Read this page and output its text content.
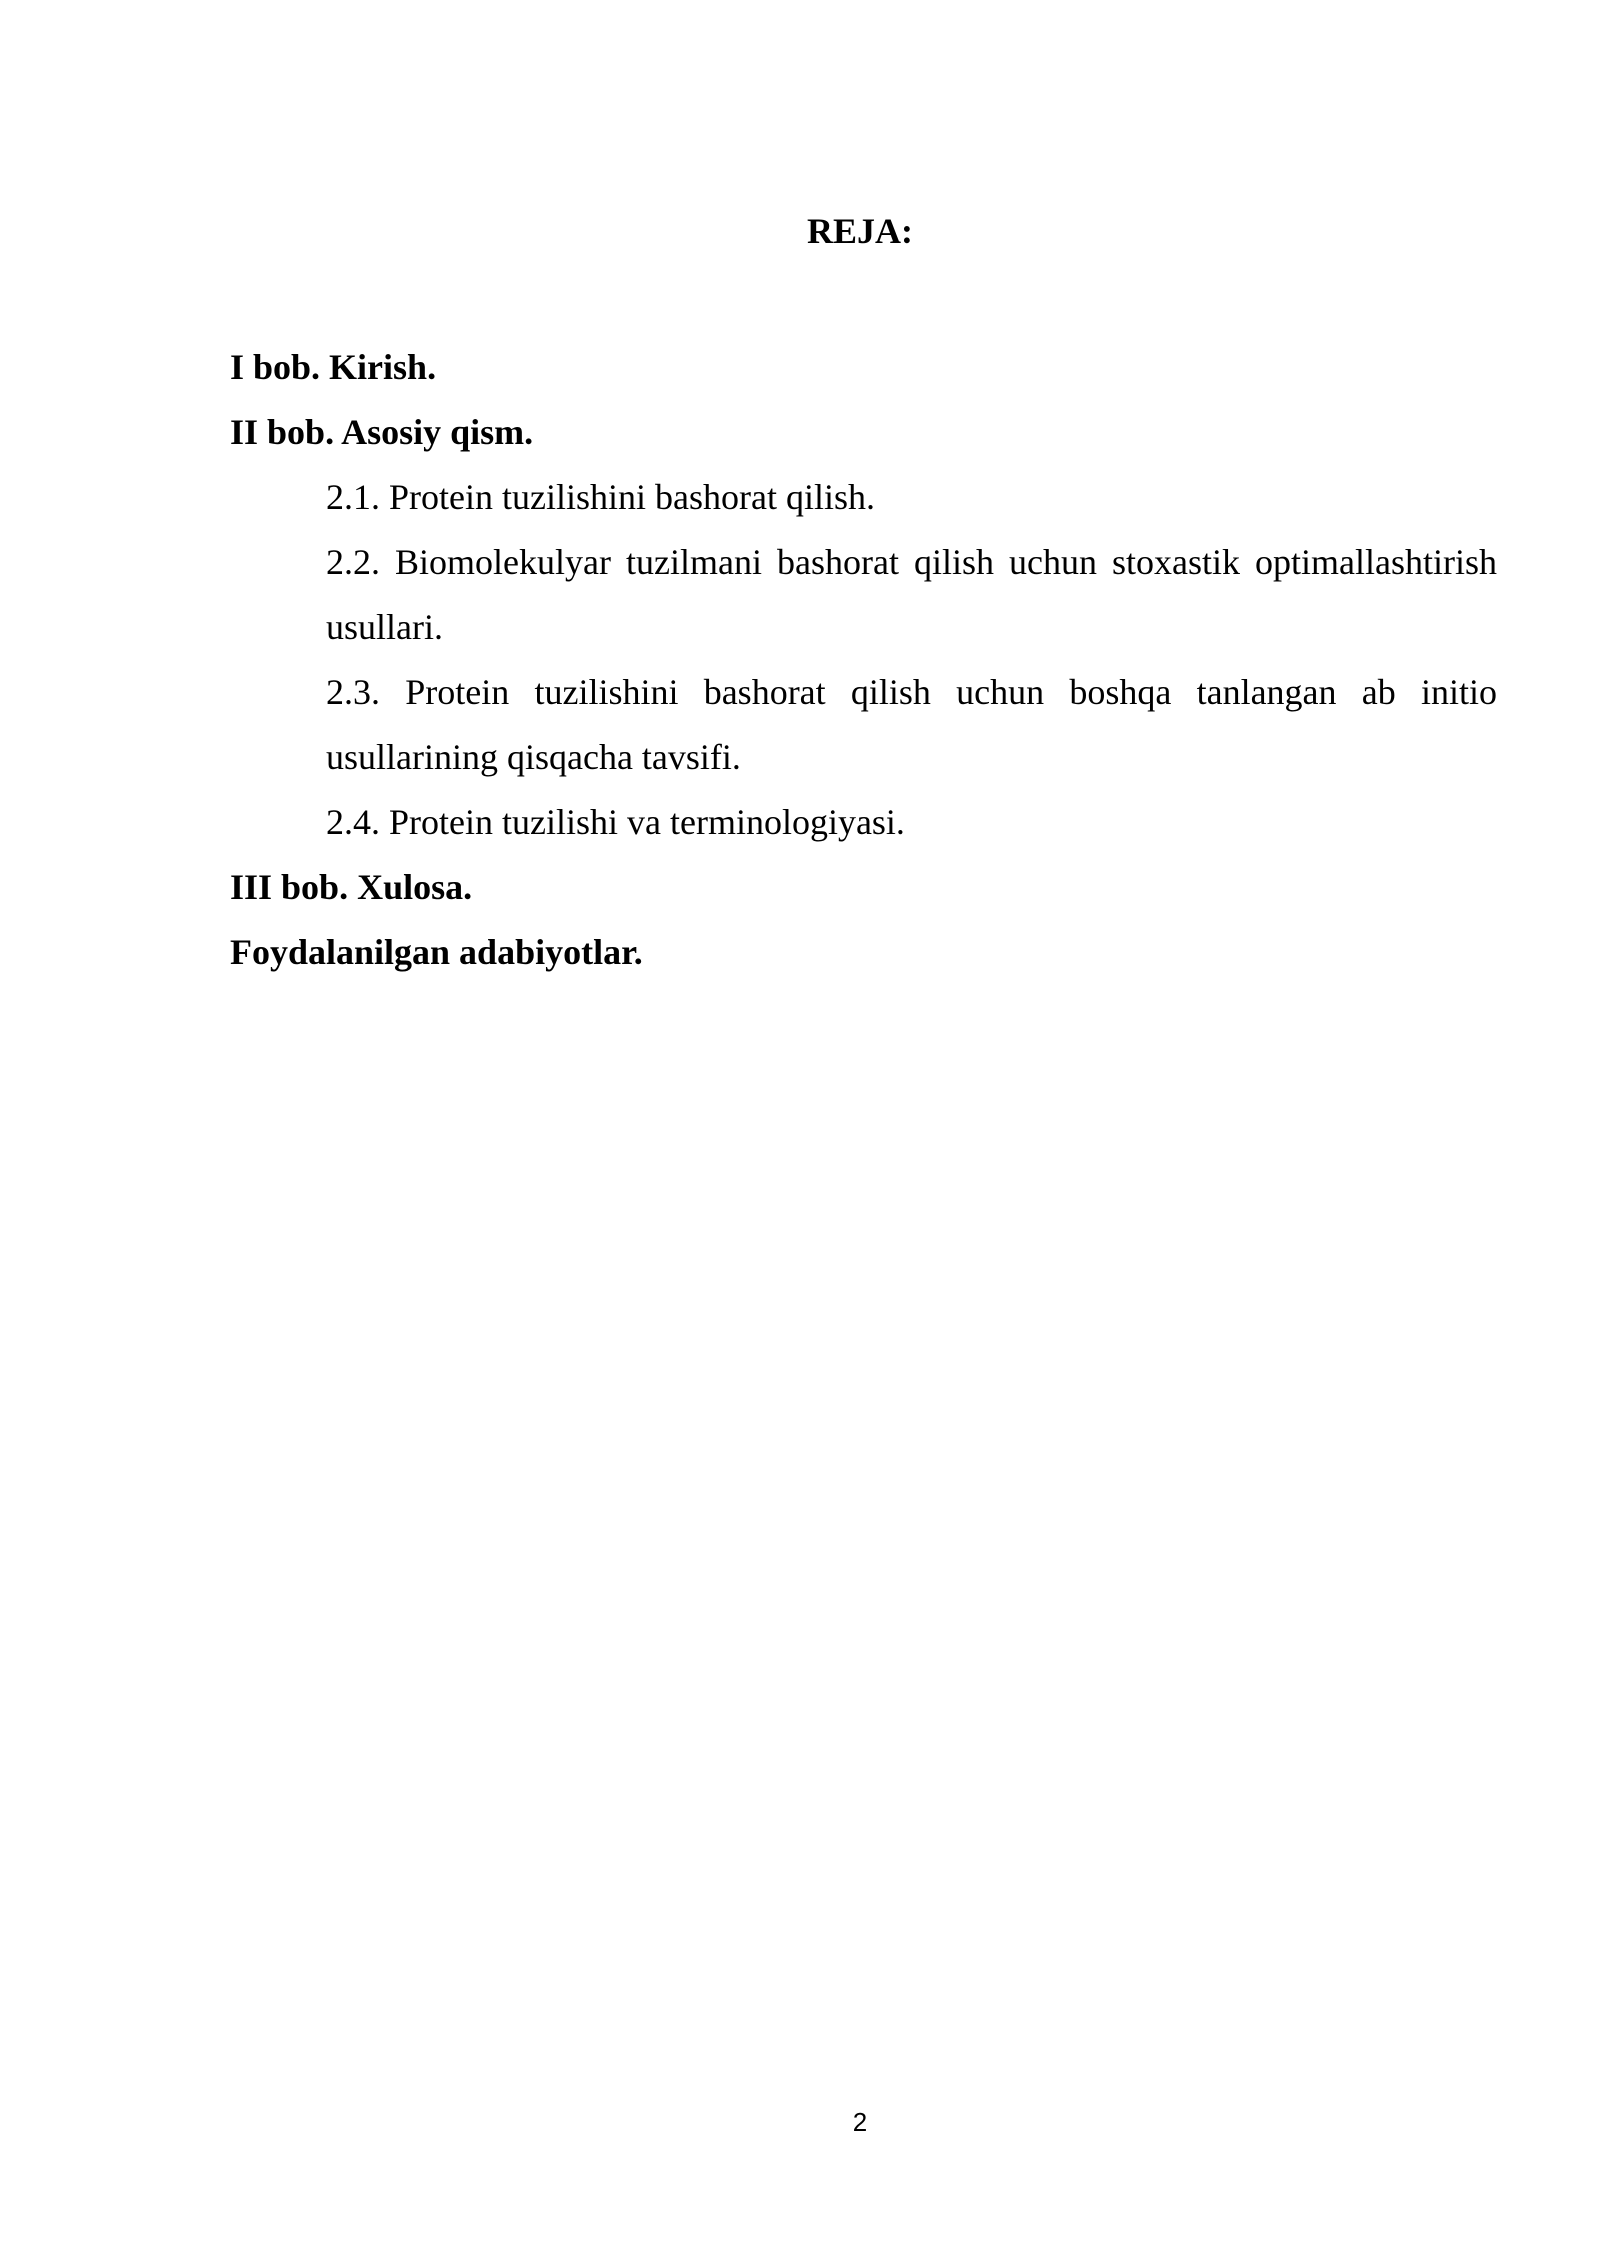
REJA:

I bob. Kirish.

II bob. Asosiy qism.

2.1. Protein tuzilishini bashorat qilish.

2.2. Biomolekulyar tuzilmani bashorat qilish uchun stoxastik optimallashtirish usullari.

2.3. Protein tuzilishini bashorat qilish uchun boshqa tanlangan ab initio usullarining qisqacha tavsifi.

2.4. Protein tuzilishi va terminologiyasi.

III bob. Xulosa.

Foydalanilgan adabiyotlar.

2
